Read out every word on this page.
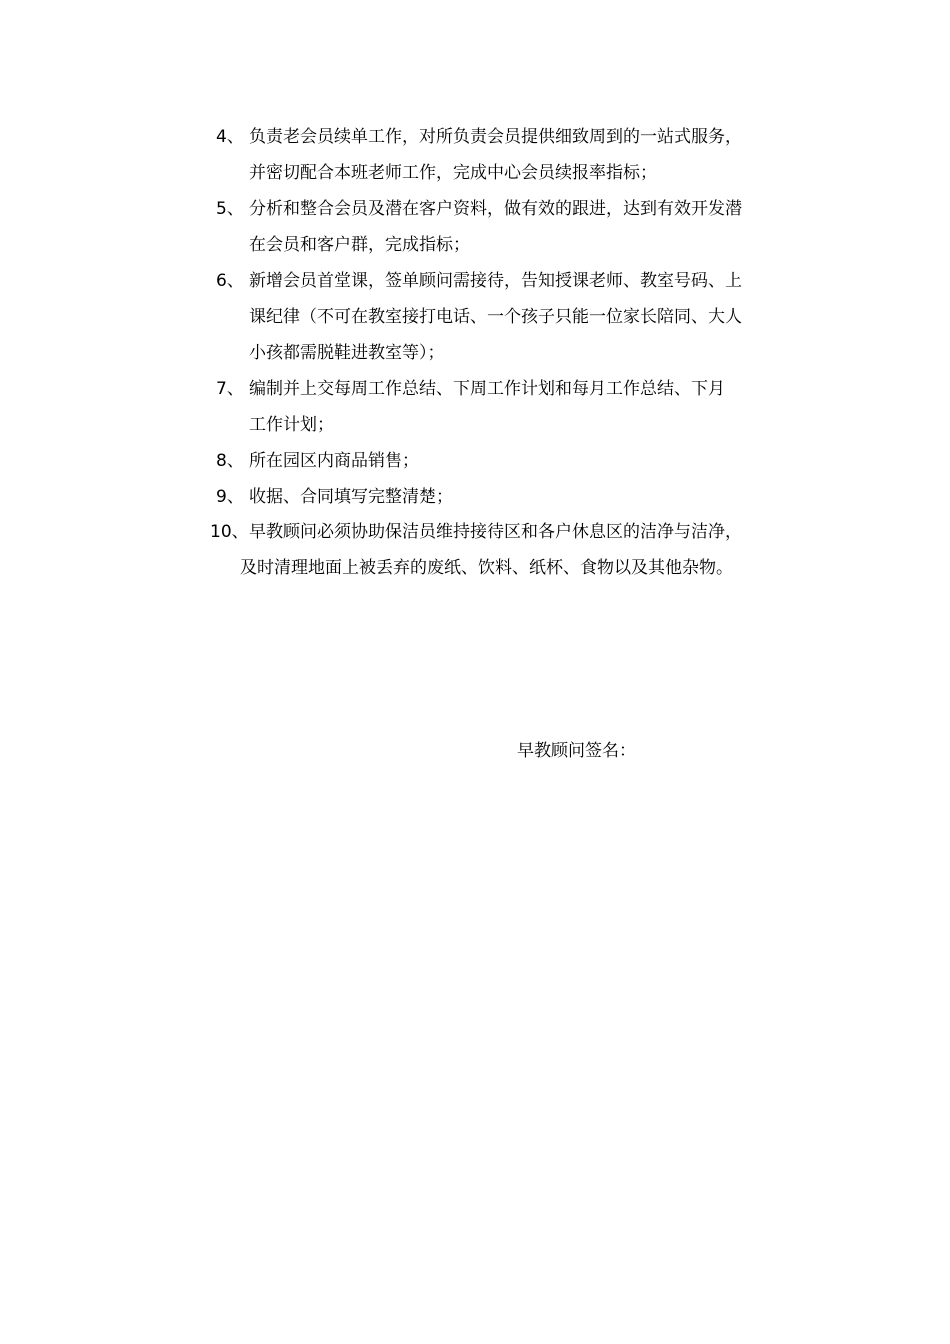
4、 负责老会员续单工作，对所负责会员提供细致周到的一站式服务，
并密切配合本班老师工作，完成中心会员续报率指标；
5、 分析和整合会员及潜在客户资料，做有效的跟进，达到有效开发潜
在会员和客户群，完成指标；
6、 新增会员首堂课，签单顾问需接待，告知授课老师、教室号码、上
课纪律（不可在教室接打电话、一个孩子只能一位家长陪同、大人
小孩都需脱鞋进教室等）；
7、 编制并上交每周工作总结、下周工作计划和每月工作总结、下月
工作计划；
8、 所在园区内商品销售；
9、 收据、合同填写完整清楚；
10、 早教顾问必须协助保洁员维持接待区和各户休息区的洁净与洁净，
及时清理地面上被丢弃的废纸、饮料、纸杯、食物以及其他杂物。
早教顾问签名：
